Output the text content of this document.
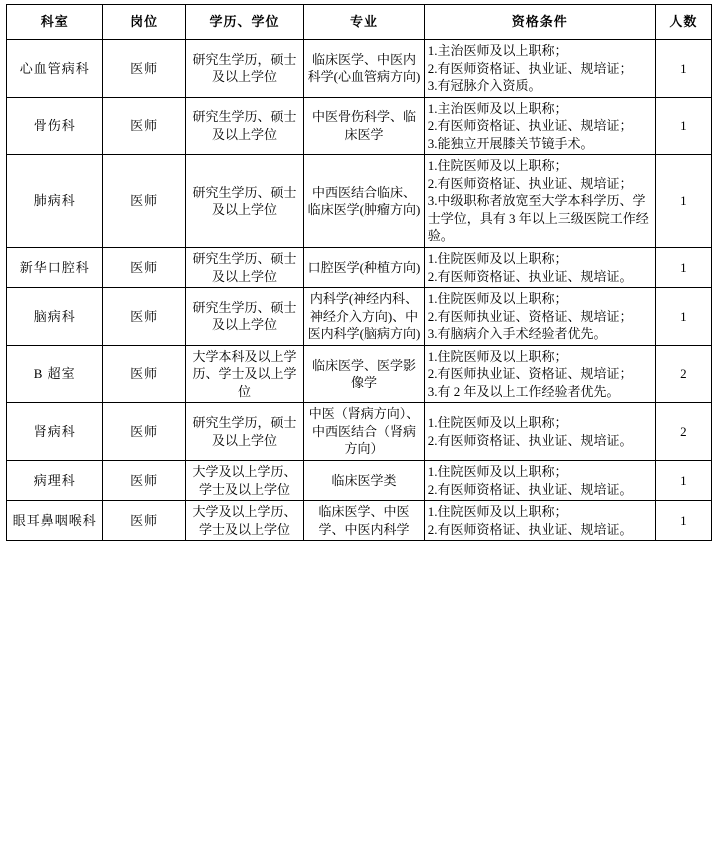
科室	岗位	学历、学位	专业	资格条件	人数
心血管病科	医师	研究生学历，硕士及以上学位	临床医学、中医内科学(心血管病方向)	1.主治医师及以上职称；
2.有医师资格证、执业证、规培证；
3.有冠脉介入资质。	1
骨伤科	医师	研究生学历、硕士及以上学位	中医骨伤科学、临床医学	1.主治医师及以上职称；
2.有医师资格证、执业证、规培证；
3.能独立开展膝关节镜手术。	1
肺病科	医师	研究生学历、硕士及以上学位	中西医结合临床、临床医学(肿瘤方向)	1.住院医师及以上职称；
2.有医师资格证、执业证、规培证；
3.中级职称者放宽至大学本科学历、学士学位，具有 3 年以上三级医院工作经验。	1
新华口腔科	医师	研究生学历、硕士及以上学位	口腔医学(种植方向)	1.住院医师及以上职称；
2.有医师资格证、执业证、规培证。	1
脑病科	医师	研究生学历、硕士及以上学位	内科学(神经内科、神经介入方向)、中医内科学(脑病方向)	1.住院医师及以上职称；
2.有医师执业证、资格证、规培证；
3.有脑病介入手术经验者优先。	1
B 超室	医师	大学本科及以上学历、学士及以上学位	临床医学、医学影像学	1.住院医师及以上职称；
2.有医师执业证、资格证、规培证；
3.有 2 年及以上工作经验者优先。	2
肾病科	医师	研究生学历，硕士及以上学位	中医（肾病方向）、中西医结合（肾病方向）	1.住院医师及以上职称；
2.有医师资格证、执业证、规培证。	2
病理科	医师	大学及以上学历、学士及以上学位	临床医学类	1.住院医师及以上职称；
2.有医师资格证、执业证、规培证。	1
眼耳鼻咽喉科	医师	大学及以上学历、学士及以上学位	临床医学、中医学、中医内科学	1.住院医师及以上职称；
2.有医师资格证、执业证、规培证。	1
